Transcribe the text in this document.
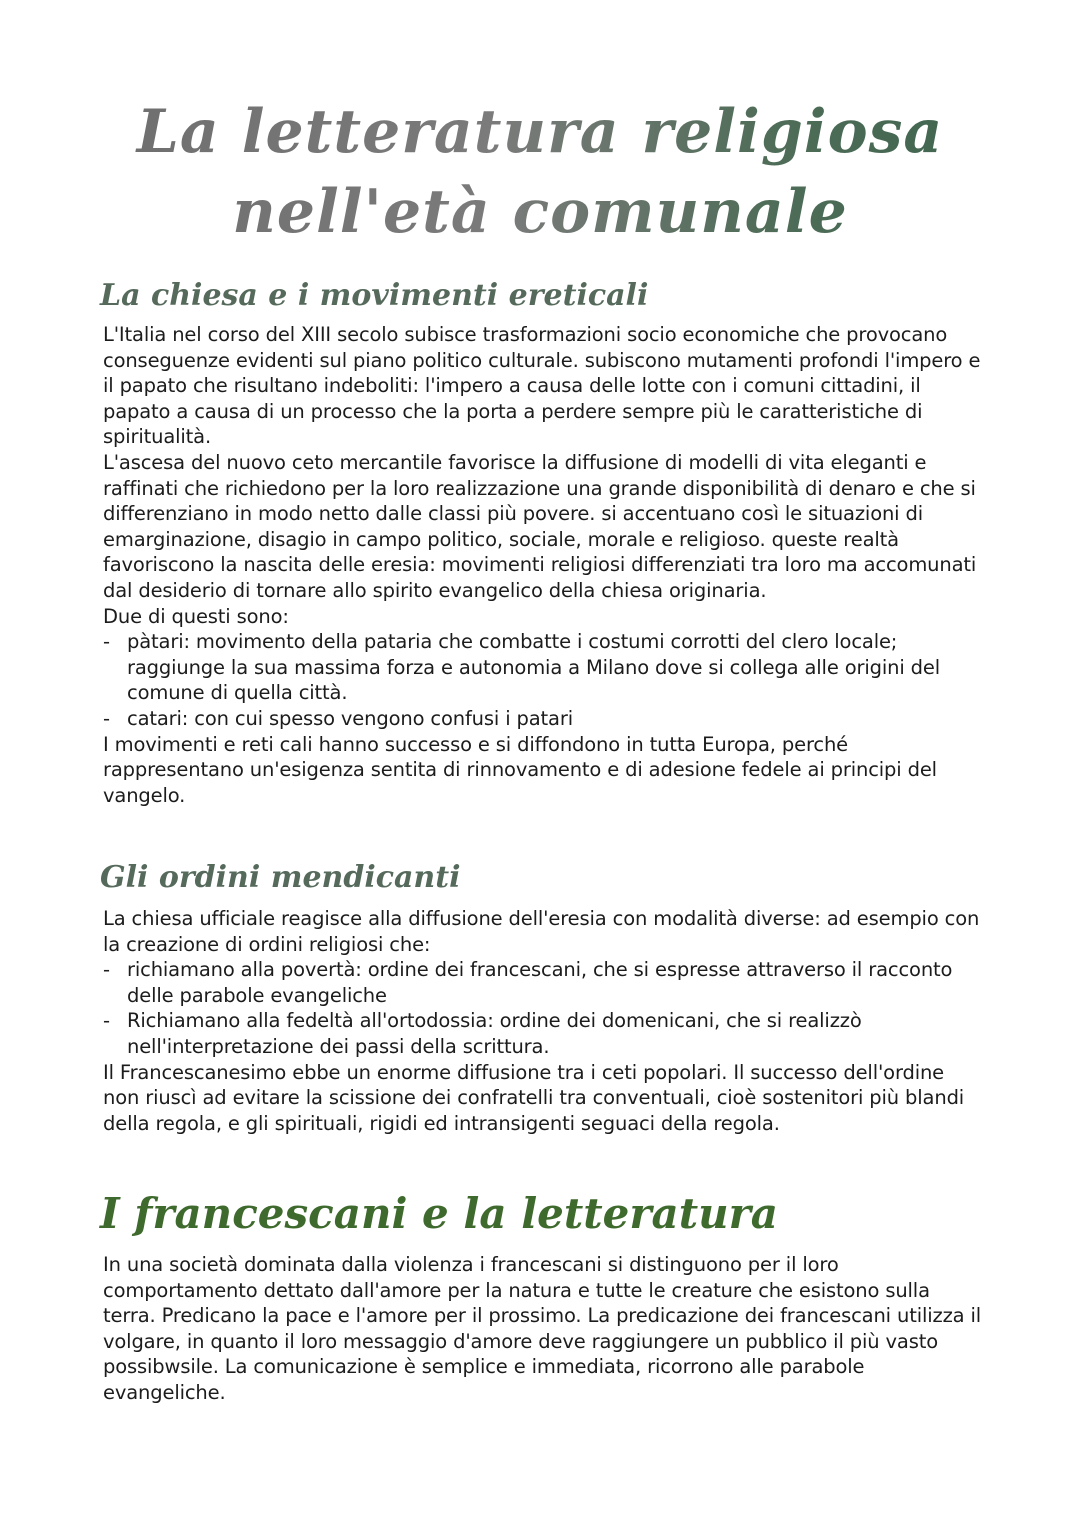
La letteratura religiosa nell'età comunale
La chiesa e i movimenti ereticali

L'Italia nel corso del XIII secolo subisce trasformazioni socio economiche che provocano conseguenze evidenti sul piano politico culturale. subiscono mutamenti profondi l'impero e il papato che risultano indeboliti: l'impero a causa delle lotte con i comuni cittadini, il papato a causa di un processo che la porta a perdere sempre più le caratteristiche di spiritualità.

L'ascesa del nuovo ceto mercantile favorisce la diffusione di modelli di vita eleganti e raffinati che richiedono per la loro realizzazione una grande disponibilità di denaro e che si differenziano in modo netto dalle classi più povere. si accentuano così le situazioni di emarginazione, disagio in campo politico, sociale, morale e religioso. queste realtà favoriscono la nascita delle eresia: movimenti religiosi differenziati tra loro ma accomunati dal desiderio di tornare allo spirito evangelico della chiesa originaria.

Due di questi sono:

- pàtari: movimento della pataria che combatte i costumi corrotti del clero locale; raggiunge la sua massima forza e autonomia a Milano dove si collega alle origini del comune di quella città.
- catari: con cui spesso vengono confusi i patari

I movimenti e reti cali hanno successo e si diffondono in tutta Europa, perché rappresentano un'esigenza sentita di rinnovamento e di adesione fedele ai principi del vangelo.

Gli ordini mendicanti

La chiesa ufficiale reagisce alla diffusione dell'eresia con modalità diverse: ad esempio con la creazione di ordini religiosi che:

- richiamano alla povertà: ordine dei francescani, che si espresse attraverso il racconto delle parabole evangeliche
- Richiamano alla fedeltà all'ortodossia: ordine dei domenicani, che si realizzò nell'interpretazione dei passi della scrittura.

Il Francescanesimo ebbe un enorme diffusione tra i ceti popolari. Il successo dell'ordine non riuscì ad evitare la scissione dei confratelli tra conventuali, cioè sostenitori più blandi della regola, e gli spirituali, rigidi ed intransigenti seguaci della regola.

I francescani e la letteratura

In una società dominata dalla violenza i francescani si distinguono per il loro comportamento dettato dall'amore per la natura e tutte le creature che esistono sulla terra. Predicano la pace e l'amore per il prossimo. La predicazione dei francescani utilizza il volgare, in quanto il loro messaggio d'amore deve raggiungere un pubblico il più vasto possibwsile. La comunicazione è semplice e immediata, ricorrono alle parabole evangeliche.
